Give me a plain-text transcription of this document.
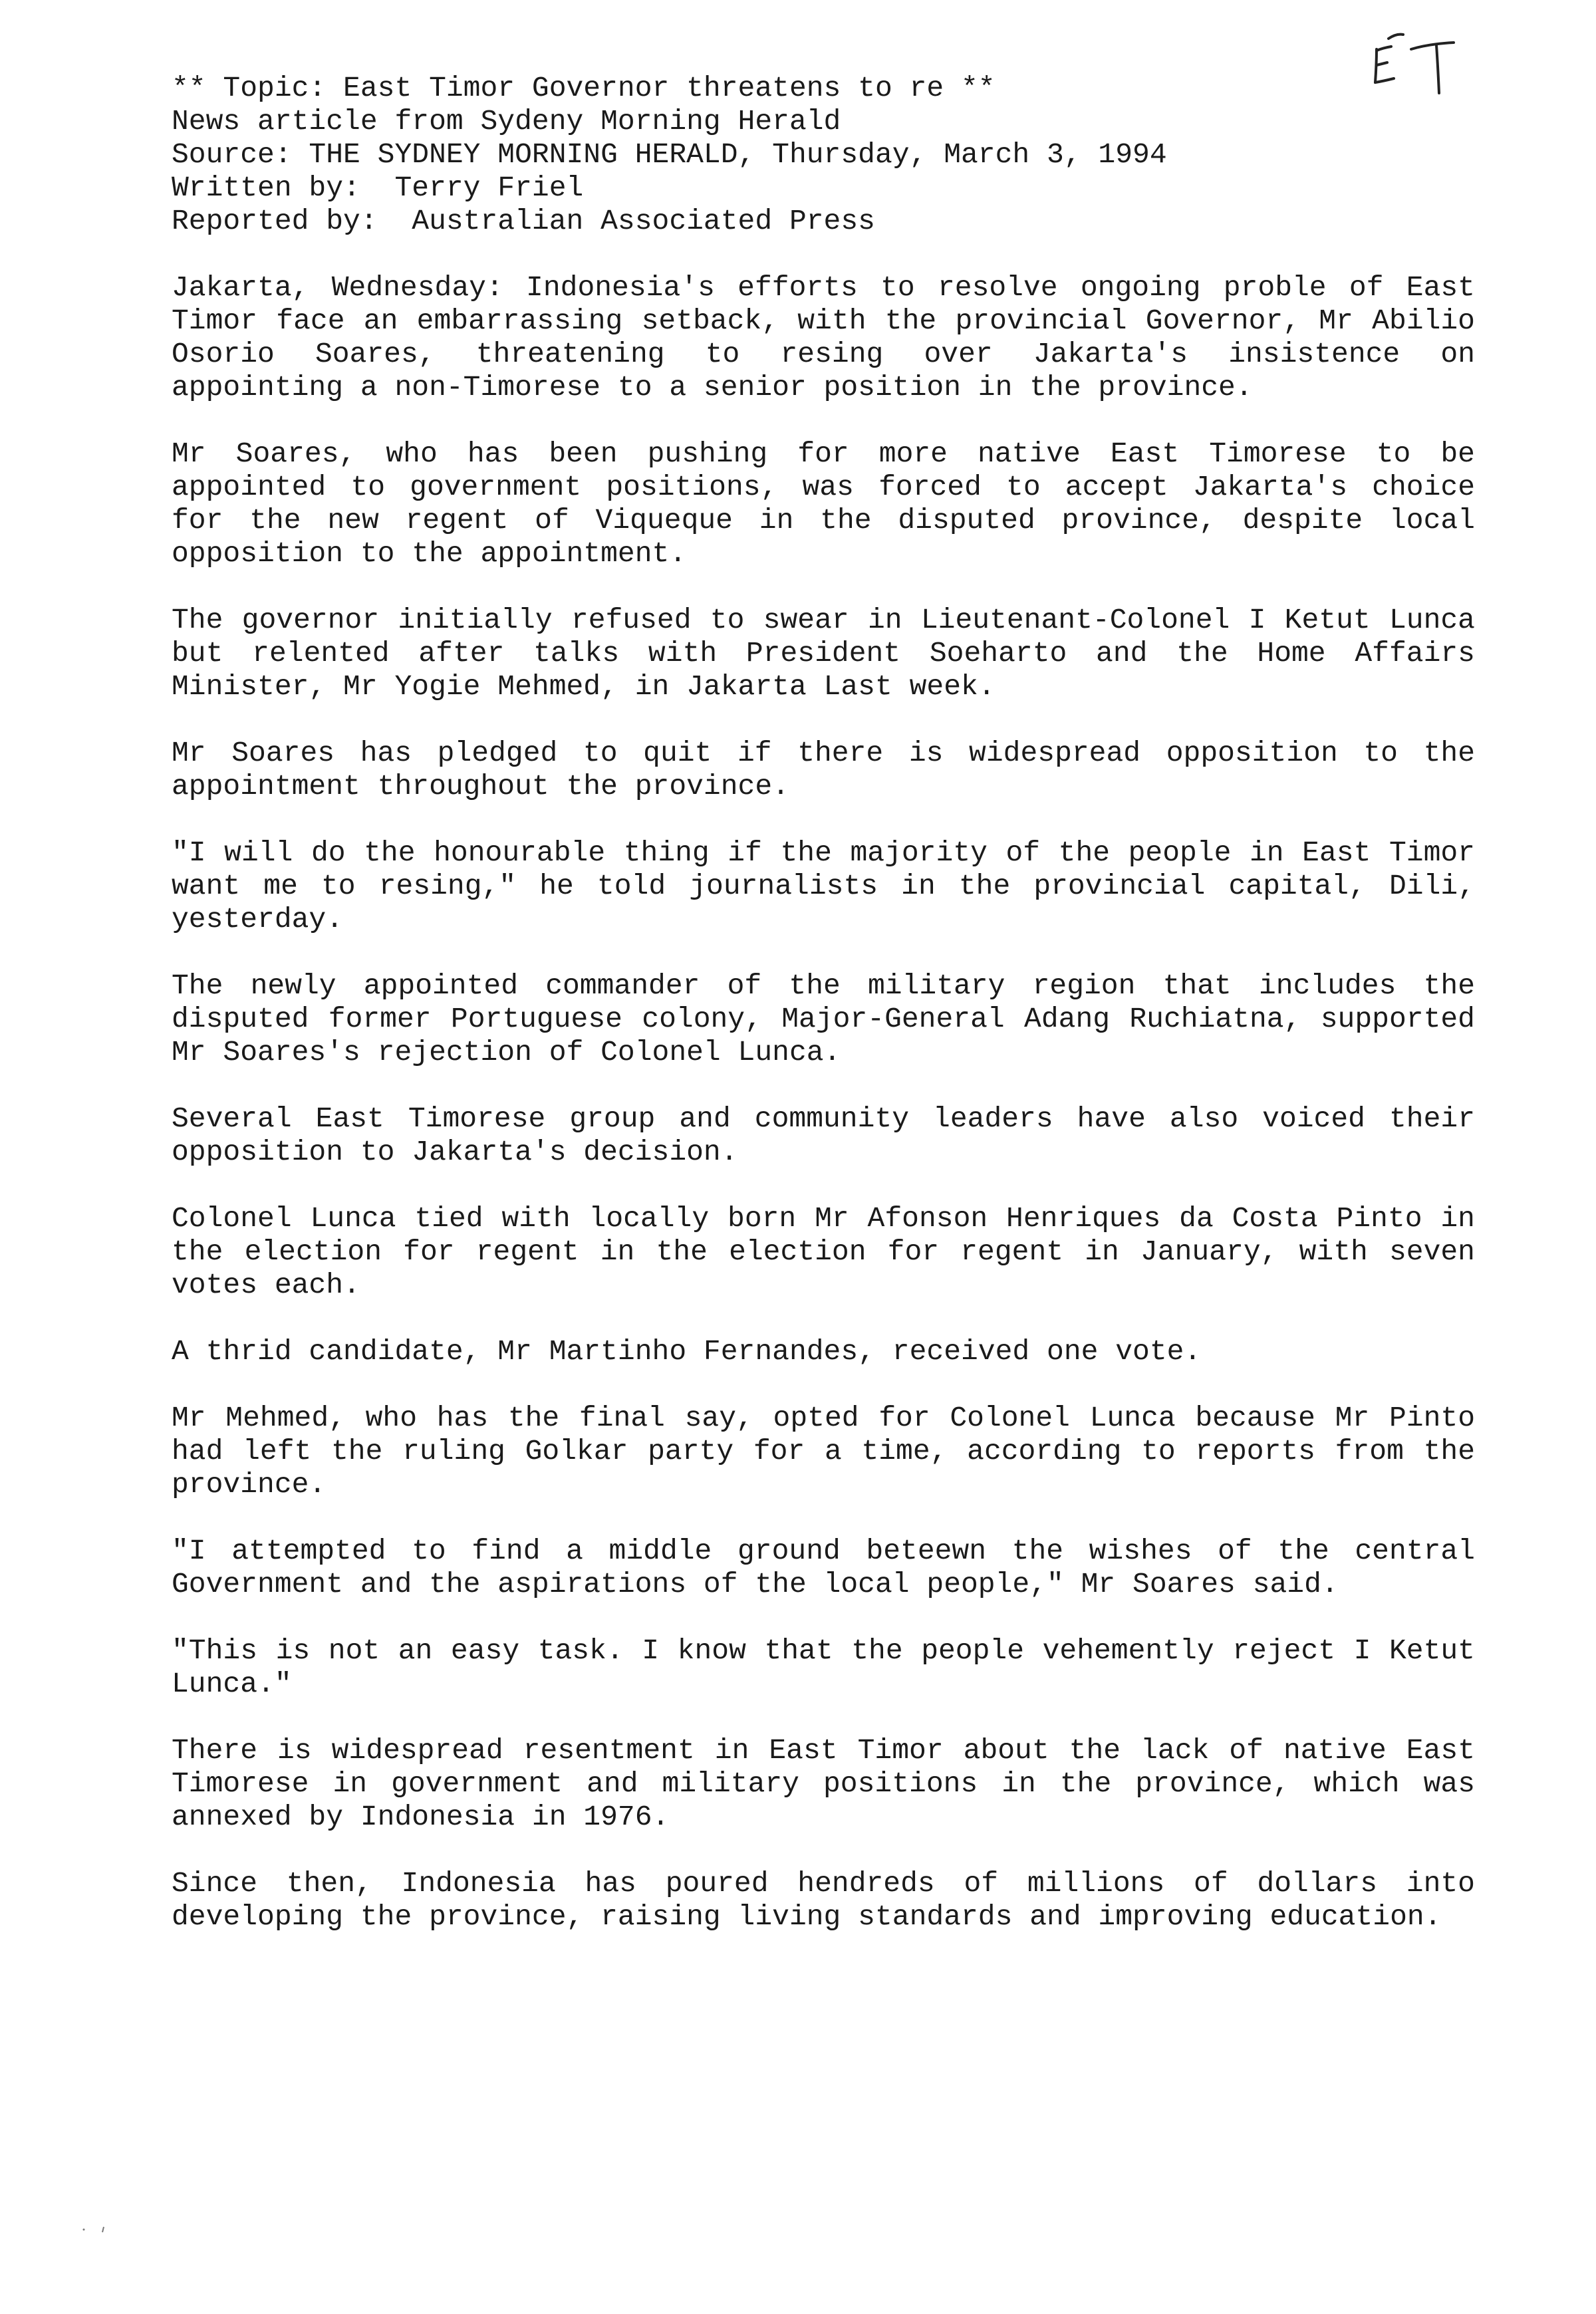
** Topic: East Timor Governor threatens to re **
News article from Sydeny Morning Herald
Source: THE SYDNEY MORNING HERALD, Thursday, March 3, 1994
Written by:  Terry Friel
Reported by:  Australian Associated Press

Jakarta, Wednesday: Indonesia's efforts to resolve ongoing proble of East Timor face an embarrassing setback, with the provincial Governor, Mr Abilio Osorio Soares, threatening to resing over Jakarta's insistence on appointing a non-Timorese to a senior position in the province.

Mr Soares, who has been pushing for more native East Timorese to be appointed to government positions, was forced to accept Jakarta's choice for the new regent of Viqueque in the disputed province, despite local opposition to the appointment.

The governor initially refused to swear in Lieutenant-Colonel I Ketut Lunca but relented after talks with President Soeharto and the Home Affairs Minister, Mr Yogie Mehmed, in Jakarta Last week.

Mr Soares has pledged to quit if there is widespread opposition to the appointment throughout the province.

"I will do the honourable thing if the majority of the people in East Timor want me to resing," he told journalists in the provincial capital, Dili, yesterday.

The newly appointed commander of the military region that includes the disputed former Portuguese colony, Major-General Adang Ruchiatna, supported Mr Soares's rejection of Colonel Lunca.

Several East Timorese group and community leaders have also voiced their opposition to Jakarta's decision.

Colonel Lunca tied with locally born Mr Afonson Henriques da Costa Pinto in the election for regent in the election for regent in January, with seven votes each.

A thrid candidate, Mr Martinho Fernandes, received one vote.

Mr Mehmed, who has the final say, opted for Colonel Lunca because Mr Pinto had left the ruling Golkar party for a time, according to reports from the province.

"I attempted to find a middle ground beteewn the wishes of the central Government and the aspirations of the local people," Mr Soares said.

"This is not an easy task. I know that the people vehemently reject I Ketut Lunca."

There is widespread resentment in East Timor about the lack of native East Timorese in government and military positions in the province, which was annexed by Indonesia in 1976.

Since then, Indonesia has poured hendreds of millions of dollars into developing the province, raising living standards and improving education.
